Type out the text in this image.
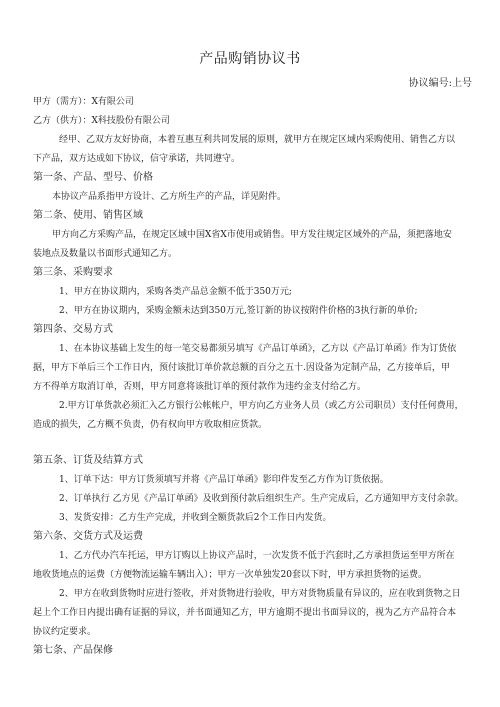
产品购销协议书
协议编号:上号
甲方（需方）：X有限公司
乙方（供方）：X科技股份有限公司
经甲、乙双方友好协商，本着互惠互利共同发展的原则，就甲方在规定区域内采购使用、销售乙方以
下产品，双方达成如下协议，信守承诺，共同遵守。
第一条、产品、型号、价格
本协议产品系指甲方设计、乙方所生产的产品，详见附件。
第二条、使用、销售区域
甲方向乙方采购产品，在规定区域中国X省X市使用或销售。甲方发往规定区域外的产品，须把落地安
装地点及数量以书面形式通知乙方。
第三条、采购要求
1、甲方在协议期内，采购各类产品总金额不低于350万元;
2、甲方在协议期内，采购金额未达到350万元,签订新的协议按附件价格的3执行新的单价;
第四条、交易方式
1、在本协议基础上发生的每一笔交易都须另填写《产品订单函》，乙方以《产品订单函》作为订货依
据，甲方下单后三个工作日内，预付该批订单价款总额的百分之五十.因设备为定制产品，乙方接单后，甲
方不得单方取消订单，否则，甲方同意将该批订单的预付款作为违约金支付给乙方。
2.甲方订单货款必须汇入乙方银行公帐帐户，甲方向乙方业务人员（或乙方公司职员）支付任何费用，
造成的损失，乙方概不负责，仍有权向甲方收取相应货款。
第五条、订货及结算方式
1、订单下达：甲方订货须填写并将《产品订单函》影印件发至乙方作为订货依据。
2、订单执行 乙方见《产品订单函》及收到预付款后组织生产。生产完成后，乙方通知甲方支付余款。
3、发货安排：乙方生产完成，并收到全额货款后2个工作日内发货。
第六条、交货方式及运费
1、乙方代办汽车托运，甲方订购以上协议产品时，一次发货不低于汽套时,乙方承担货运至甲方所在
地收货地点的运费（方便物流运输车辆出入）；甲方一次单独发20套以下时，甲方承担货物的运费。
2、甲方在收到货物时应进行签收，并对货物进行验收，甲方对货物质量有异议的，应在收到货物之日
起上个工作日内提出确有证据的异议，并书面通知乙方，甲方逾期不提出书面异议的，视为乙方产品符合本
协议约定要求。
第七条、产品保修
